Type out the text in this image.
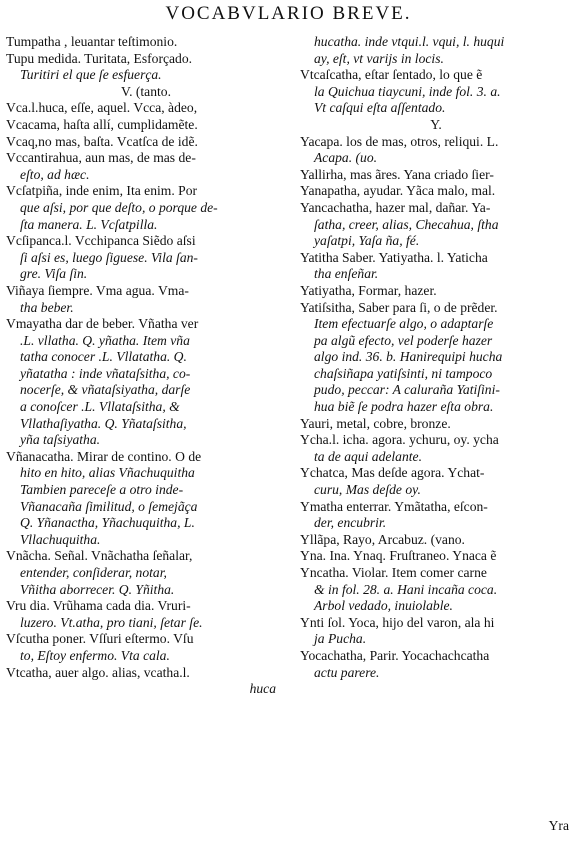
VOCABVLARIO BREVE.
Tumpatha , leuantar teſtimonio.
Tupu medida. Turitata, Esforçado.
Turitiri el que ſe esfuerça.
V. (tanto.
Vca.l.huca, eſſe, aquel. Vcca, àdeo,
Vcacama, haſta allí, cumplidamẽte.
Vcaq,no mas, baſta. Vcatſca de idẽ.
Vccantirahua, aun mas, de mas de-
eſto, ad hæc.
Vcſatpiña, inde enim, Ita enim. Por
que aſsi, por que deſto, o porque de-
ſta manera. L. Vcſatpilla.
Vcſipanca.l. Vcchipanca Siẽdo aſsi
ſi aſsi es, luego ſiguese. Vila ſan-
gre. Viſa ſin.
Viñaya ſiempre. Vma agua. Vma-
tha beber.
Vmayatha dar de beber. Vñatha ver
.L. vllatha. Q. yñatha. Item vña
tatha conocer .L. Vllatatha. Q.
yñatatha : inde vñataſsitha, co-
nocerſe, & vñataſsiyatha, darſe
a conoſcer .L. Vllataſsitha, &
Vllathaſiyatha. Q. Yñataſsitha,
yña taſsiyatha.
Vñanacatha. Mirar de contino. O de
hito en hito, alias Vñachuquitha
Tambien pareceſe a otro inde-
Vñanacaña ſimilitud, o ſemejãça
Q. Yñanactha, Yñachuquitha, L.
Vllachuquitha.
Vnãcha. Señal. Vnãchatha ſeñalar,
entender, conſiderar, notar,
Vñitha aborrecer. Q. Yñitha.
Vru dia. Vrũhama cada dia. Vruri-
luzero. Vt.atha, pro tiani, ſetar ſe.
Vſcutha poner. Vſſuri eſtermo. Vſu
to, Eſtoy enfermo. Vta cala.
Vtcatha, auer algo. alias, vcatha.l.
huca
hucatha. inde vtqui.l. vqui, l. huqui
ay, eſt, vt varijs in locis.
Vtcaſcatha, eſtar ſentado, lo que ẽ
la Quichua tiaycuni, inde fol. 3. a.
Vt caſqui eſta aſſentado.
Y.
Yacapa. los de mas, otros, reliqui. L.
Acapa. (uo.
Yallirha, mas ãres. Yana criado ſier-
Yanapatha, ayudar. Yãca malo, mal.
Yancachatha, hazer mal, dañar. Ya-
ſatha, creer, alias, Checahua, ſtha
yaſatpi, Yaſa ña, fé.
Yatitha Saber. Yatiyatha. l. Yaticha
tha enſeñar.
Yatiyatha, Formar, hazer.
Yatiſsitha, Saber para ſi, o de prẽder.
Item efectuarſe algo, o adaptarſe
pa algũ efecto, vel poderſe hazer
algo ind. 36. b. Hanirequipi hucha
chaſsiñapa yatiſsinti, ni tampoco
pudo, peccar: A caluraña Yatiſini-
hua biẽ ſe podra hazer eſta obra.
Yauri, metal, cobre, bronze.
Ycha.l. icha. agora. ychuru, oy. ycha
ta de aqui adelante.
Ychatca, Mas deſde agora. Ychat-
curu, Mas deſde oy.
Ymatha enterrar. Ymãtatha, eſcon-
der, encubrir.
Yllãpa, Rayo, Arcabuz. (vano.
Yna. Ina. Ynaq. Fruſtraneo. Ynaca ẽ
Yncatha. Violar. Item comer carne
& in fol. 28. a. Hani incaña coca.
Arbol vedado, inuiolable.
Ynti ſol. Yoca, hijo del varon, ala hi
ja Pucha.
Yocachatha, Parir. Yocachachcatha
actu parere.
Yra
